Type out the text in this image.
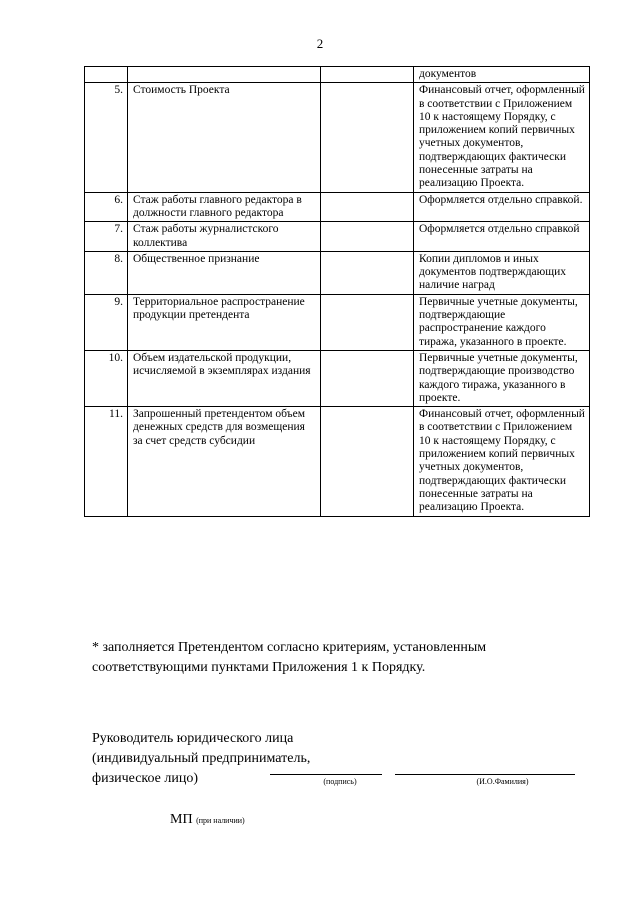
2
			документов
5.	Стоимость Проекта		Финансовый отчет, оформленный в соответствии с Приложением 10 к настоящему Порядку, с приложением копий первичных учетных документов, подтверждающих фактически понесенные затраты на реализацию Проекта.
6.	Стаж работы главного редактора в должности главного редактора		Оформляется отдельно справкой.
7.	Стаж работы журналистского коллектива		Оформляется отдельно справкой
8.	Общественное признание		Копии дипломов и иных документов подтверждающих наличие наград
9.	Территориальное распространение продукции претендента		Первичные учетные документы, подтверждающие распространение каждого тиража, указанного в проекте.
10.	Объем издательской продукции, исчисляемой в экземплярах издания		Первичные учетные документы, подтверждающие производство каждого тиража, указанного в проекте.
11.	Запрошенный претендентом объем денежных средств для возмещения за счет средств субсидии		Финансовый отчет, оформленный в соответствии с Приложением 10 к настоящему Порядку, с приложением копий первичных учетных документов, подтверждающих фактически понесенные затраты на реализацию Проекта.
* заполняется Претендентом согласно критериям, установленным соответствующими пунктами Приложения 1 к Порядку.
Руководитель юридического лица
(индивидуальный предприниматель,
физическое лицо)	(подпись)	(И.О.Фамилия)
МП (при наличии)
